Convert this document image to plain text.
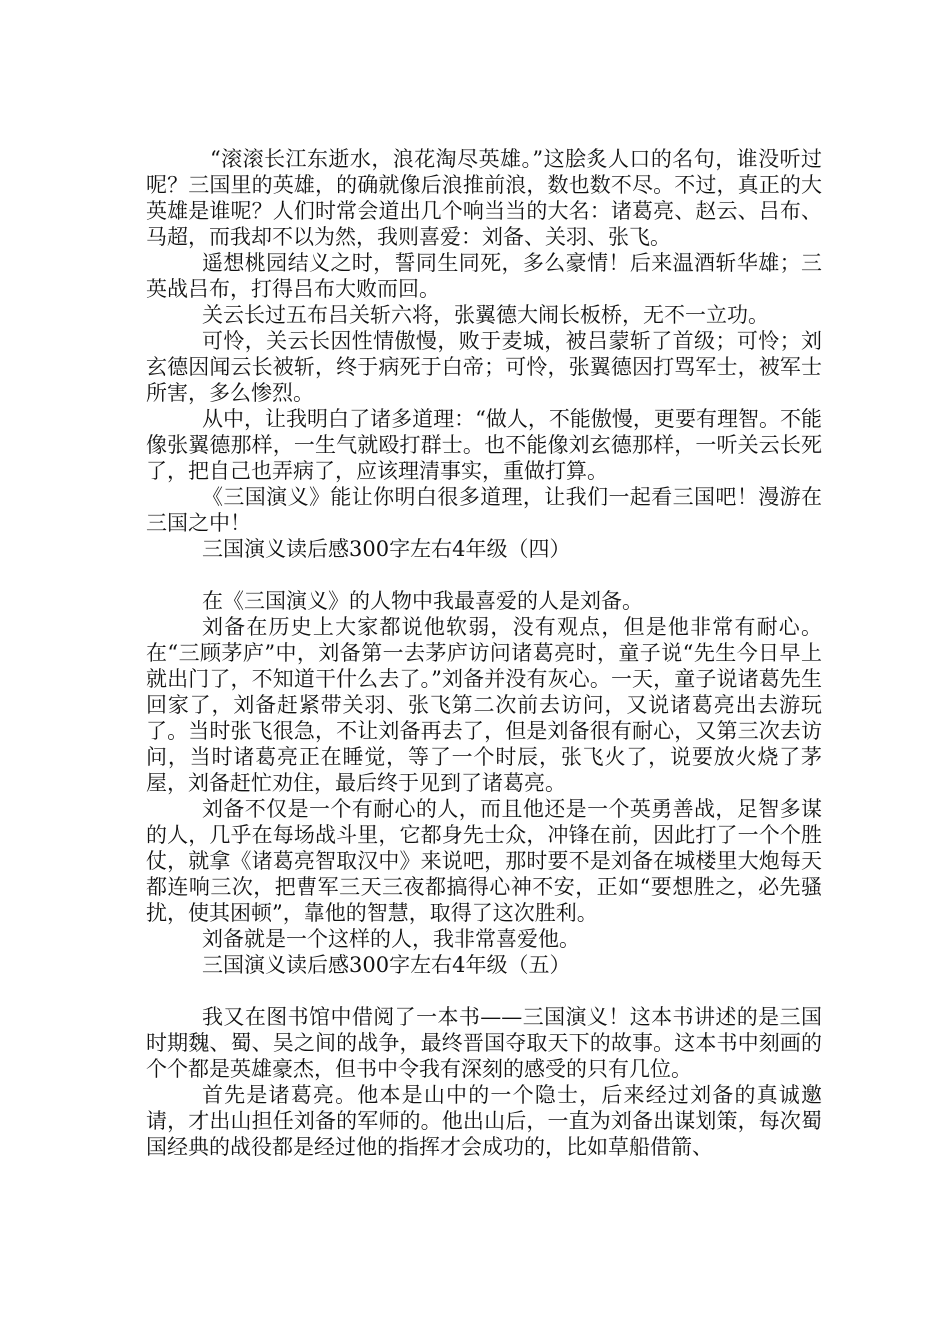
“滚滚长江东逝水，浪花淘尽英雄。”这脍炙人口的名句，谁没听过呢？三国里的英雄，的确就像后浪推前浪，数也数不尽。不过，真正的大英雄是谁呢？人们时常会道出几个响当当的大名：诸葛亮、赵云、吕布、马超，而我却不以为然，我则喜爱：刘备、关羽、张飞。

遥想桃园结义之时，誓同生同死，多么豪情！后来温酒斩华雄；三英战吕布，打得吕布大败而回。

关云长过五布吕关斩六将，张翼德大闹长板桥，无不一立功。

可怜，关云长因性情傲慢，败于麦城，被吕蒙斩了首级；可怜；刘玄德因闻云长被斩，终于病死于白帝；可怜，张翼德因打骂军士，被军士所害，多么惨烈。

从中，让我明白了诸多道理：“做人，不能傲慢，更要有理智。不能像张翼德那样，一生气就殴打群士。也不能像刘玄德那样，一听关云长死了，把自己也弄病了，应该理清事实，重做打算。

《三国演义》能让你明白很多道理，让我们一起看三国吧！漫游在三国之中！

三国演义读后感300字左右4年级（四）

在《三国演义》的人物中我最喜爱的人是刘备。

刘备在历史上大家都说他软弱，没有观点，但是他非常有耐心。在“三顾茅庐”中，刘备第一去茅庐访问诸葛亮时，童子说“先生今日早上就出门了，不知道干什么去了。”刘备并没有灰心。一天，童子说诸葛先生回家了，刘备赶紧带关羽、张飞第二次前去访问，又说诸葛亮出去游玩了。当时张飞很急，不让刘备再去了，但是刘备很有耐心，又第三次去访问，当时诸葛亮正在睡觉，等了一个时辰，张飞火了，说要放火烧了茅屋，刘备赶忙劝住，最后终于见到了诸葛亮。

刘备不仅是一个有耐心的人，而且他还是一个英勇善战，足智多谋的人，几乎在每场战斗里，它都身先士众，冲锋在前，因此打了一个个胜仗，就拿《诸葛亮智取汉中》来说吧，那时要不是刘备在城楼里大炮每天都连响三次，把曹军三天三夜都搞得心神不安，正如“要想胜之，必先骚扰，使其困顿”，靠他的智慧，取得了这次胜利。

刘备就是一个这样的人，我非常喜爱他。

三国演义读后感300字左右4年级（五）

我又在图书馆中借阅了一本书——三国演义！这本书讲述的是三国时期魏、蜀、吴之间的战争，最终晋国夺取天下的故事。这本书中刻画的个个都是英雄豪杰，但书中令我有深刻的感受的只有几位。

首先是诸葛亮。他本是山中的一个隐士，后来经过刘备的真诚邀请，才出山担任刘备的军师的。他出山后，一直为刘备出谋划策，每次蜀国经典的战役都是经过他的指挥才会成功的，比如草船借箭、
